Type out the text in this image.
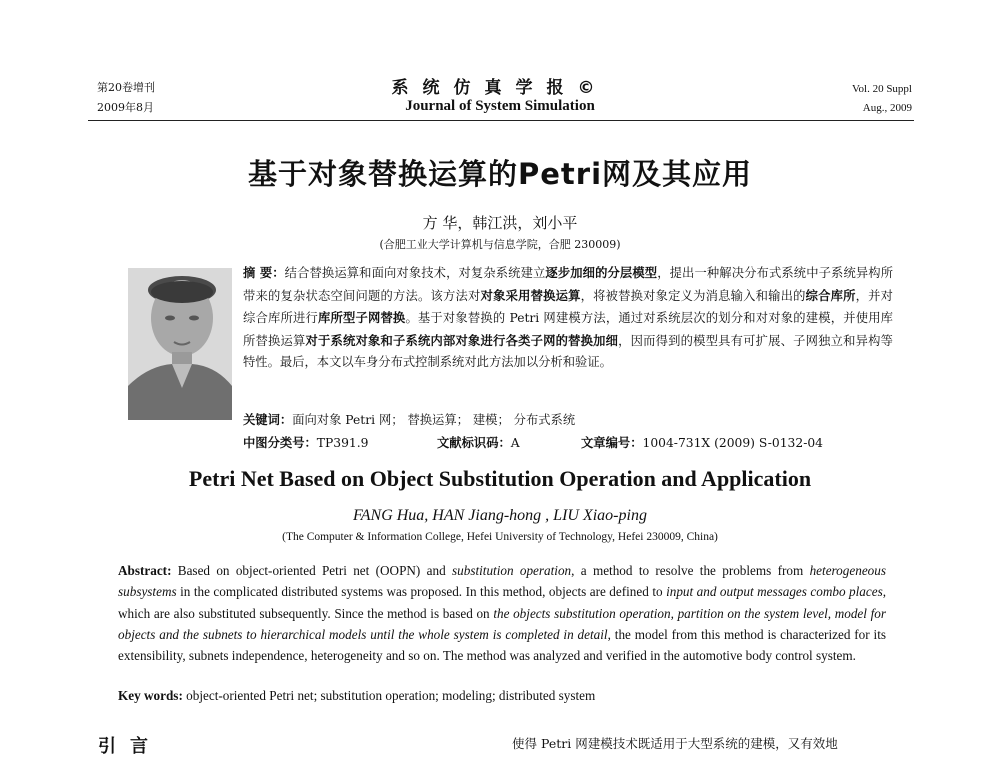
第20卷增刊
2009年8月
系统仿真学报©
Journal of System Simulation
Vol. 20 Suppl
Aug., 2009
基于对象替换运算的Petri网及其应用
方 华，韩江洪，刘小平
(合肥工业大学计算机与信息学院，合肥 230009)
摘 要：结合替换运算和面向对象技术，对复杂系统建立逐步加细的分层模型，提出一种解决分布式系统中子系统异构所带来的复杂状态空间问题的方法。该方法对对象采用替换运算，将被替换对象定义为消息输入和输出的综合库所，并对综合库所进行库所型子网替换。基于对象替换的 Petri 网建模方法，通过对系统层次的划分和对对象的建模，并使用库所替换运算对于系统对象和子系统内部对象进行各类子网的替换加细，因而得到的模型具有可扩展、子网独立和异构等特性。最后，本文以车身分布式控制系统对此方法加以分析和验证。
关键词：面向对象 Petri 网； 替换运算； 建模； 分布式系统
中图分类号：TP391.9	文献标识码：A	文章编号：1004-731X (2009) S-0132-04
Petri Net Based on Object Substitution Operation and Application
FANG Hua, HAN Jiang-hong , LIU Xiao-ping
(The Computer & Information College, Hefei University of Technology, Hefei 230009, China)
Abstract: Based on object-oriented Petri net (OOPN) and substitution operation, a method to resolve the problems from heterogeneous subsystems in the complicated distributed systems was proposed. In this method, objects are defined to input and output messages combo places, which are also substituted subsequently. Since the method is based on the objects substitution operation, partition on the system level, model for objects and the subnets to hierarchical models until the whole system is completed in detail, the model from this method is characterized for its extensibility, subnets independence, heterogeneity and so on. The method was analyzed and verified in the automotive body control system.
Key words: object-oriented Petri net; substitution operation; modeling; distributed system
引言	使得 Petri 网建模技术既适用于大型系统的建模，又有效地
